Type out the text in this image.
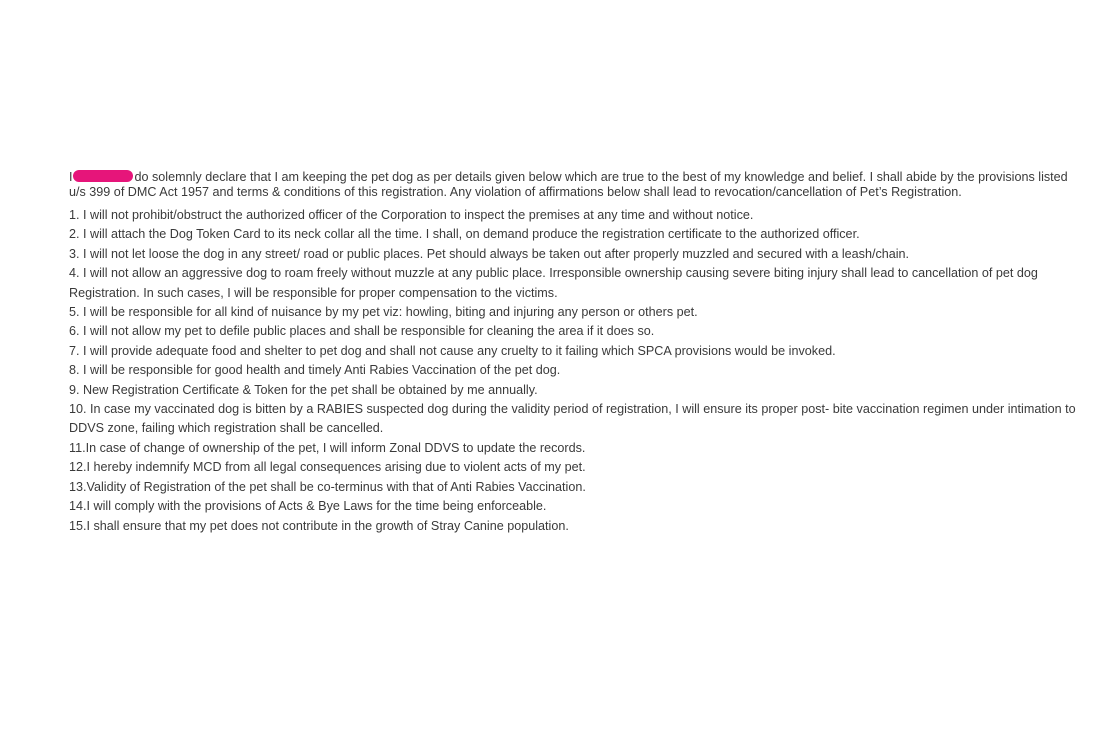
I	do solemnly declare that I am keeping the pet dog as per details given below which are true to the best of my knowledge and belief. I shall abide by the provisions listed u/s 399 of DMC Act 1957 and terms & conditions of this registration. Any violation of affirmations below shall lead to revocation/cancellation of Pet’s Registration.

1. I will not prohibit/obstruct the authorized officer of the Corporation to inspect the premises at any time and without notice.
2. I will attach the Dog Token Card to its neck collar all the time. I shall, on demand produce the registration certificate to the authorized officer.
3. I will not let loose the dog in any street/ road or public places. Pet should always be taken out after properly muzzled and secured with a leash/chain.
4. I will not allow an aggressive dog to roam freely without muzzle at any public place. Irresponsible ownership causing severe biting injury shall lead to cancellation of pet dog Registration. In such cases, I will be responsible for proper compensation to the victims.
5. I will be responsible for all kind of nuisance by my pet viz: howling, biting and injuring any person or others pet.
6. I will not allow my pet to defile public places and shall be responsible for cleaning the area if it does so.
7. I will provide adequate food and shelter to pet dog and shall not cause any cruelty to it failing which SPCA provisions would be invoked.
8. I will be responsible for good health and timely Anti Rabies Vaccination of the pet dog.
9. New Registration Certificate & Token for the pet shall be obtained by me annually.
10. In case my vaccinated dog is bitten by a RABIES suspected dog during the validity period of registration, I will ensure its proper post- bite vaccination regimen under intimation to DDVS zone, failing which registration shall be cancelled.
11.In case of change of ownership of the pet, I will inform Zonal DDVS to update the records.
12.I hereby indemnify MCD from all legal consequences arising due to violent acts of my pet.
13.Validity of Registration of the pet shall be co-terminus with that of Anti Rabies Vaccination.
14.I will comply with the provisions of Acts & Bye Laws for the time being enforceable.
15.I shall ensure that my pet does not contribute in the growth of Stray Canine population.
